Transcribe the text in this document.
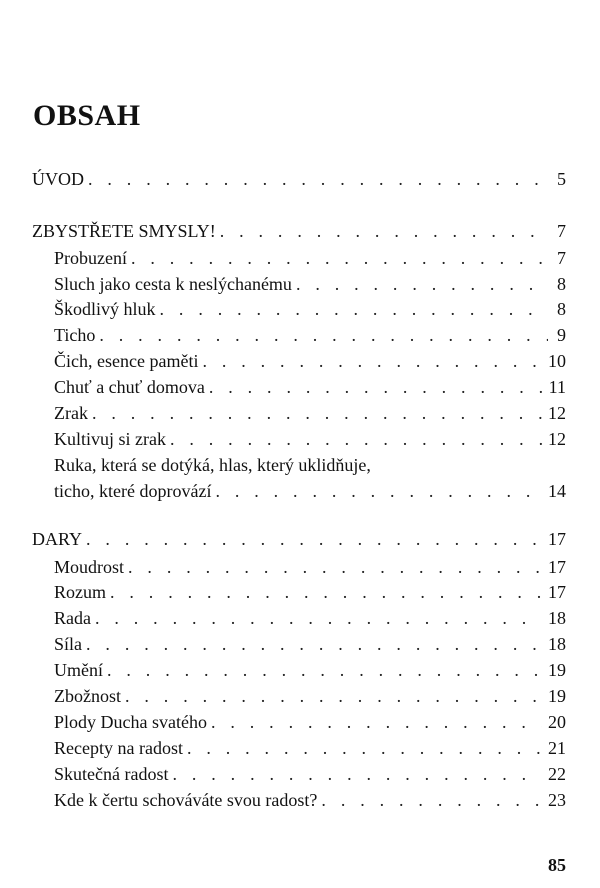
OBSAH
ÚVOD . . .	5
ZBYSTŘETE SMYSLY! . . .	7
Probuzení . . .	7
Sluch jako cesta k neslýchanému . . .	8
Škodlivý hluk . . .	8
Ticho . . .	9
Čich, esence paměti . . .	10
Chuť a chuť domova . . .	11
Zrak . . .	12
Kultivuj si zrak . . .	12
Ruka, která se dotýká, hlas, který uklidňuje,
ticho, které doprovází . . .	14
DARY . . .	17
Moudrost . . .	17
Rozum . . .	17
Rada . . .	18
Síla . . .	18
Umění . . .	19
Zbožnost . . .	19
Plody Ducha svatého . . .	20
Recepty na radost . . .	21
Skutečná radost . . .	22
Kde k čertu schováváte svou radost? . . .	23
85
